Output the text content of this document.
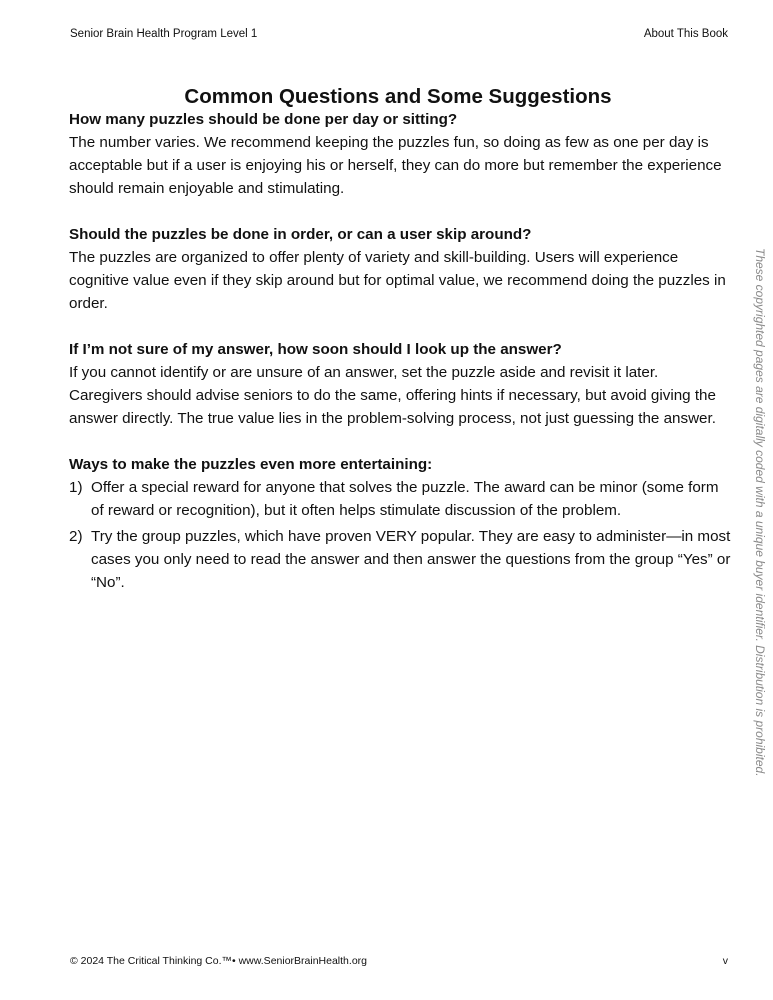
Senior Brain Health Program Level 1	About This Book
Common Questions and Some Suggestions

How many puzzles should be done per day or sitting?

The number varies. We recommend keeping the puzzles fun, so doing as few as one per day is acceptable but if a user is enjoying his or herself, they can do more but remember the experience should remain enjoyable and stimulating.

Should the puzzles be done in order, or can a user skip around?

The puzzles are organized to offer plenty of variety and skill-building. Users will experience cognitive value even if they skip around but for optimal value, we recommend doing the puzzles in order.

If I’m not sure of my answer, how soon should I look up the answer?

If you cannot identify or are unsure of an answer, set the puzzle aside and revisit it later. Caregivers should advise seniors to do the same, offering hints if necessary, but avoid giving the answer directly. The true value lies in the problem-solving process, not just guessing the answer.

Ways to make the puzzles even more entertaining:

1) Offer a special reward for anyone that solves the puzzle. The award can be minor (some form of reward or recognition), but it often helps stimulate discussion of the problem.
2) Try the group puzzles, which have proven VERY popular. They are easy to administer—in most cases you only need to read the answer and then answer the questions from the group “Yes” or “No”.	These copyrighted pages are digitally coded with a unique buyer identifier. Distribution is prohibited.
© 2024 The Critical Thinking Co.™• www.SeniorBrainHealth.org	v
